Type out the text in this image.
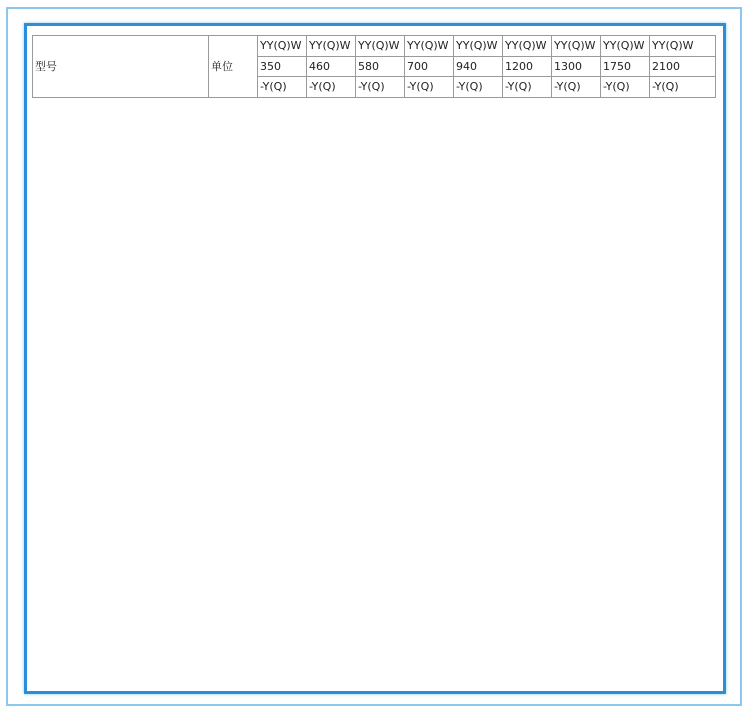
型号	单位	YY(Q)W	YY(Q)W	YY(Q)W	YY(Q)W	YY(Q)W	YY(Q)W	YY(Q)W	YY(Q)W	YY(Q)W
		350	460	580	700	940	1200	1300	1750	2100
		-Y(Q)	-Y(Q)	-Y(Q)	-Y(Q)	-Y(Q)	-Y(Q)	-Y(Q)	-Y(Q)	-Y(Q)
